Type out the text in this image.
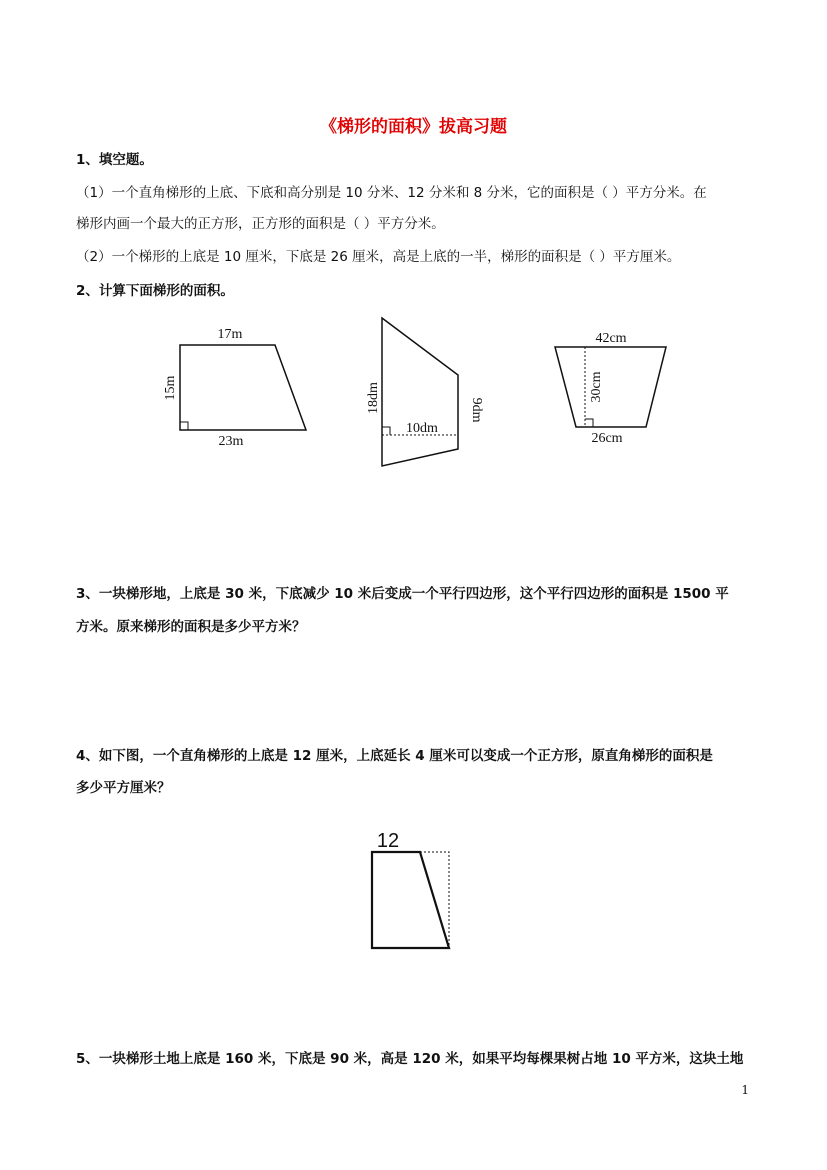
《梯形的面积》拔高习题
1、填空题。
（1）一个直角梯形的上底、下底和高分别是 10 分米、12 分米和 8 分米，它的面积是（ ）平方分米。在
梯形内画一个最大的正方形，正方形的面积是（ ）平方分米。
（2）一个梯形的上底是 10 厘米，下底是 26 厘米，高是上底的一半，梯形的面积是（ ）平方厘米。
2、计算下面梯形的面积。
17m
15m
23m
18dm
10dm
9dm
42cm
30cm
26cm
3、一块梯形地，上底是 30 米，下底减少 10 米后变成一个平行四边形，这个平行四边形的面积是 1500 平
方米。原来梯形的面积是多少平方米？
4、如下图，一个直角梯形的上底是 12 厘米，上底延长 4 厘米可以变成一个正方形，原直角梯形的面积是
多少平方厘米？
12
5、一块梯形土地上底是 160 米，下底是 90 米，高是 120 米，如果平均每棵果树占地 10 平方米，这块土地
1
